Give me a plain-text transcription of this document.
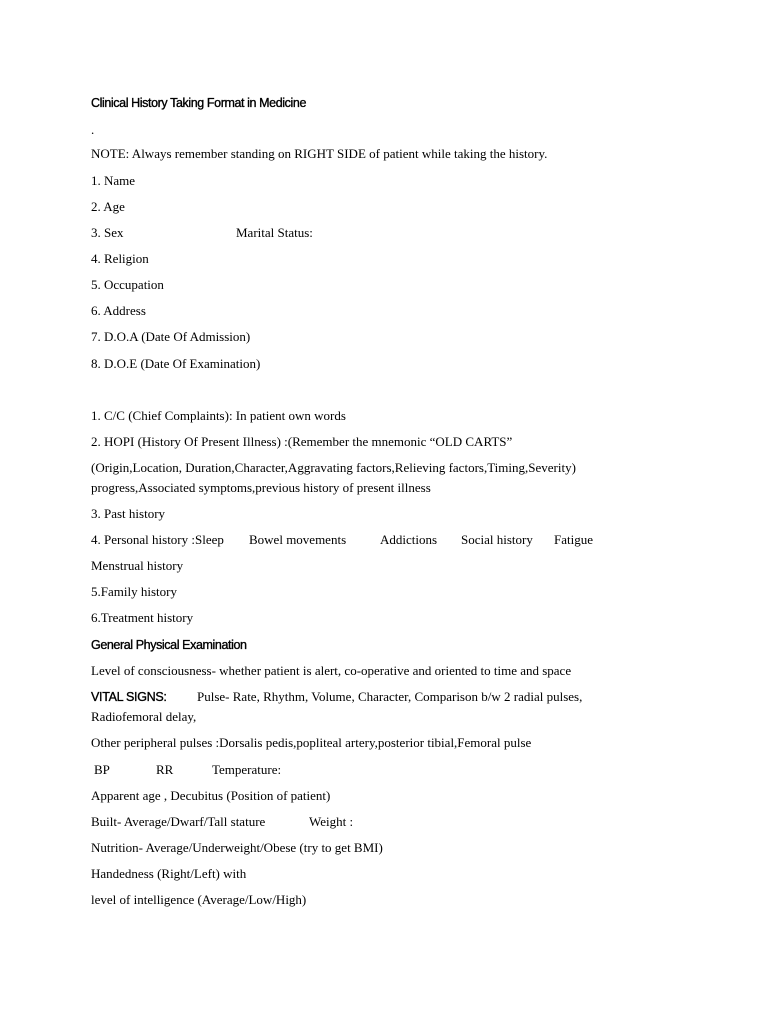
Clinical History Taking Format in Medicine
.
NOTE: Always remember standing on RIGHT SIDE of patient while taking the history.
1. Name
2. Age
3. Sex	Marital Status:
4. Religion
5. Occupation
6. Address
7. D.O.A (Date Of Admission)
8. D.O.E (Date Of Examination)
1. C/C (Chief Complaints): In patient own words
2. HOPI (History Of Present Illness) :(Remember the mnemonic “OLD CARTS”
(Origin,Location, Duration,Character,Aggravating factors,Relieving factors,Timing,Severity)
progress,Associated symptoms,previous history of present illness
3. Past history
4. Personal history :Sleep Bowel movements	Addictions Social history Fatigue
Menstrual history
5.Family history
6.Treatment history
General Physical Examination
Level of consciousness- whether patient is alert, co-operative and oriented to time and space
VITAL SIGNS: Pulse- Rate, Rhythm, Volume, Character, Comparison b/w 2 radial pulses,
Radiofemoral delay,
Other peripheral pulses :Dorsalis pedis,popliteal artery,posterior tibial,Femoral pulse
BP	RR	Temperature:
Apparent age , Decubitus (Position of patient)
Built- Average/Dwarf/Tall stature	Weight :
Nutrition- Average/Underweight/Obese (try to get BMI)
Handedness (Right/Left) with
level of intelligence (Average/Low/High)
